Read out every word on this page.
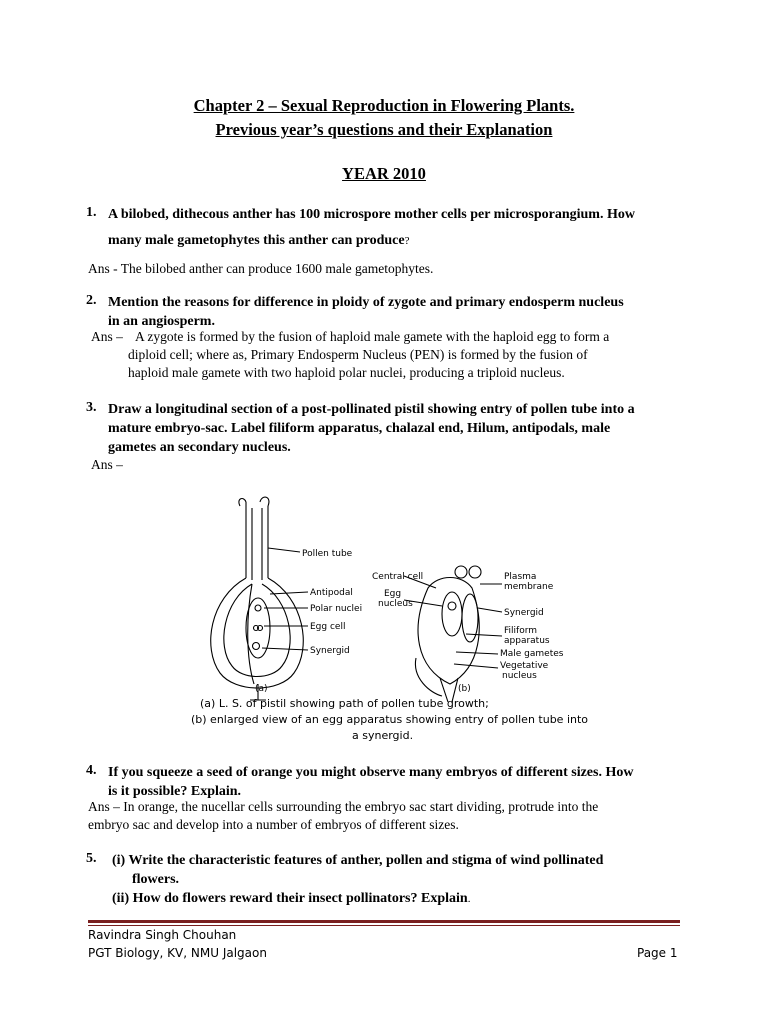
Chapter 2 – Sexual Reproduction in Flowering Plants.
Previous year’s questions and their Explanation
YEAR 2010
1. A bilobed, dithecous anther has 100 microspore mother cells per microsporangium. How
many male gametophytes this anther can produce?
Ans - The bilobed anther can produce 1600 male gametophytes.
2. Mention the reasons for difference in ploidy of zygote and primary endosperm nucleus
in an angiosperm.
Ans – A zygote is formed by the fusion of haploid male gamete with the haploid egg to form a
diploid cell; where as, Primary Endosperm Nucleus (PEN) is formed by the fusion of
haploid male gamete with two haploid polar nuclei, producing a triploid nucleus.
3. Draw a longitudinal section of a post-pollinated pistil showing entry of pollen tube into a
mature embryo-sac. Label filiform apparatus, chalazal end, Hilum, antipodals, male
gametes an secondary nucleus.
Ans –
Pollen tube
Antipodal
Polar nuclei
Egg cell
Synergid
Central cell
Egg
nucleus
Plasma
membrane
Synergid
Filiform
apparatus
Male gametes
Vegetative
nucleus
(a)	(b)
(a) L. S. of pistil showing path of pollen tube growth;
(b) enlarged view of an egg apparatus showing entry of pollen tube into
a synergid.
4. If you squeeze a seed of orange you might observe many embryos of different sizes. How
is it possible? Explain.
Ans – In orange, the nucellar cells surrounding the embryo sac start dividing, protrude into the
embryo sac and develop into a number of embryos of different sizes.
5. (i) Write the characteristic features of anther, pollen and stigma of wind pollinated
flowers.
(ii) How do flowers reward their insect pollinators? Explain.
Ravindra Singh Chouhan
PGT Biology, KV, NMU Jalgaon	Page 1
